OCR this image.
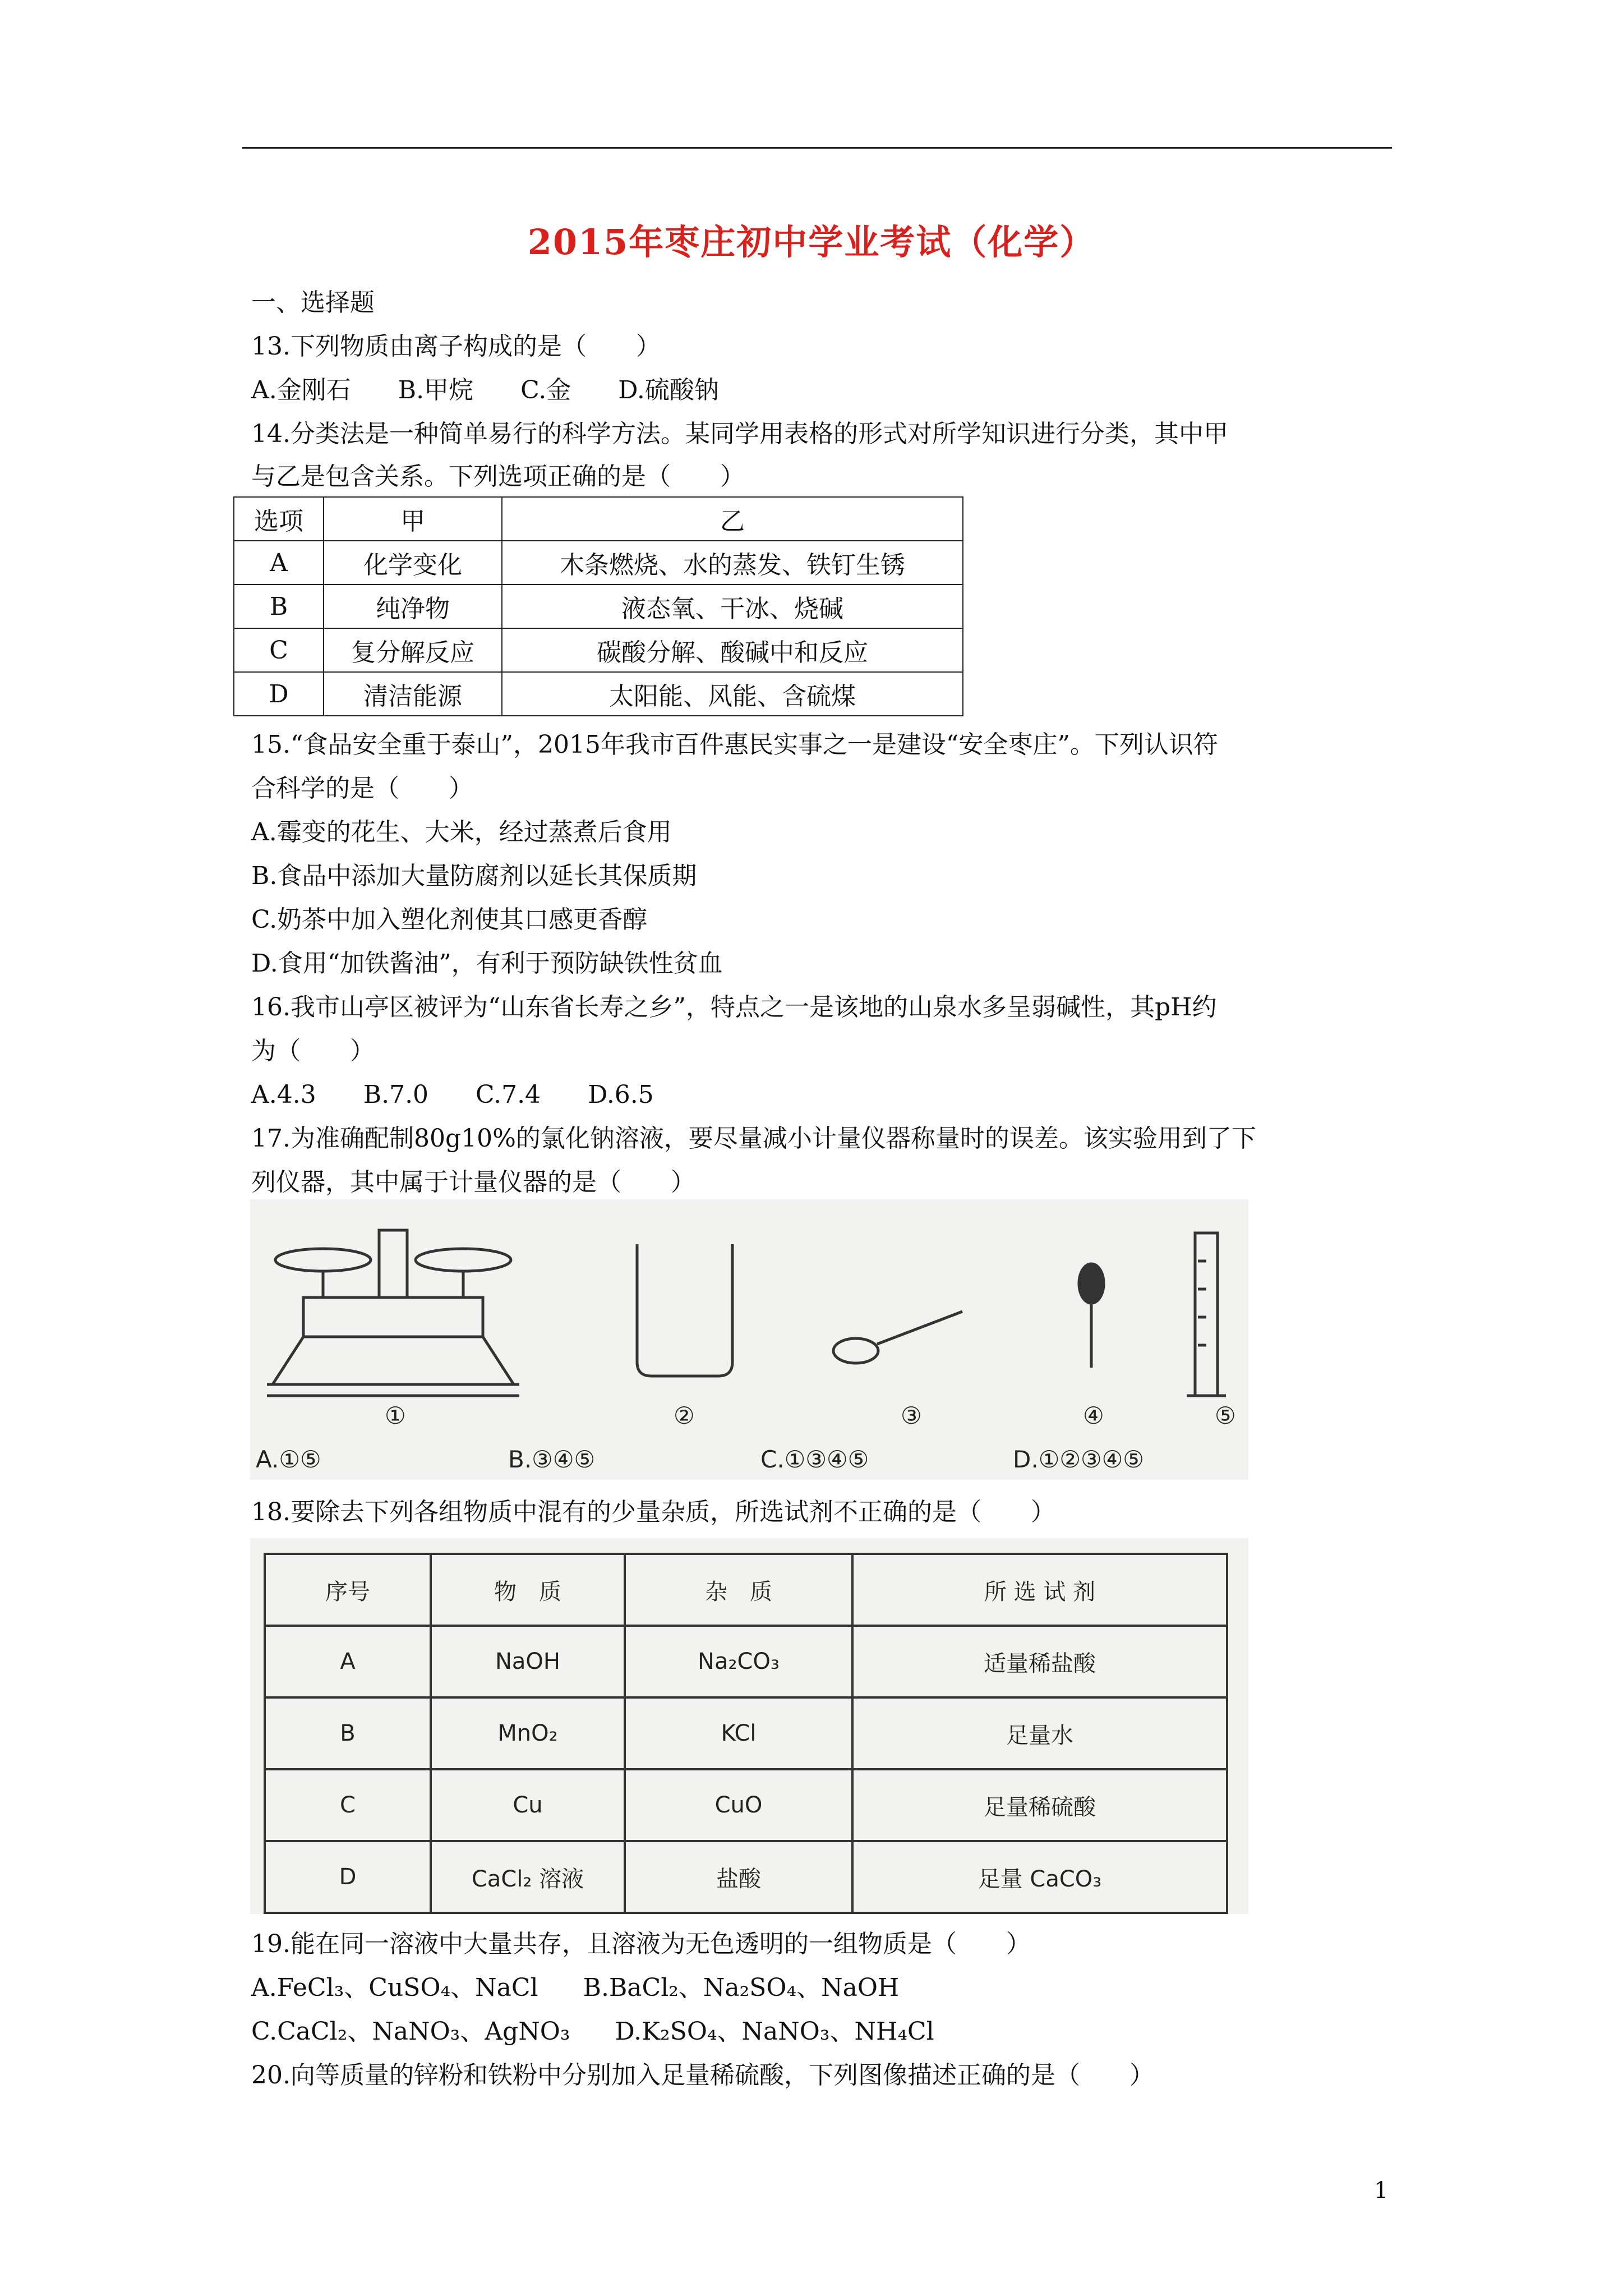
2015年枣庄初中学业考试（化学）
一、选择题
13.下列物质由离子构成的是（　　）
A.金刚石 B.甲烷 C.金 D.硫酸钠
14.分类法是一种简单易行的科学方法。某同学用表格的形式对所学知识进行分类，其中甲
与乙是包含关系。下列选项正确的是（　　）
选项	甲	乙
A	化学变化	木条燃烧、水的蒸发、铁钉生锈
B	纯净物	液态氧、干冰、烧碱
C	复分解反应	碳酸分解、酸碱中和反应
D	清洁能源	太阳能、风能、含硫煤
15.“食品安全重于泰山”，2015年我市百件惠民实事之一是建设“安全枣庄”。下列认识符
合科学的是（　　）
A.霉变的花生、大米，经过蒸煮后食用
B.食品中添加大量防腐剂以延长其保质期
C.奶茶中加入塑化剂使其口感更香醇
D.食用“加铁酱油”，有利于预防缺铁性贫血
16.我市山亭区被评为“山东省长寿之乡”，特点之一是该地的山泉水多呈弱碱性，其pH约
为（　　）
A.4.3 B.7.0 C.7.4 D.6.5
17.为准确配制80g10%的氯化钠溶液，要尽量减小计量仪器称量时的误差。该实验用到了下
列仪器，其中属于计量仪器的是（　　）
①	②	③	④	⑤
A.①⑤	B.③④⑤	C.①③④⑤	D.①②③④⑤
18.要除去下列各组物质中混有的少量杂质，所选试剂不正确的是（　　）
序号	物　质	杂　质	所 选 试 剂
A	NaOH	Na₂CO₃	适量稀盐酸
B	MnO₂	KCl	足量水
C	Cu	CuO	足量稀硫酸
D	CaCl₂ 溶液	盐酸	足量 CaCO₃
19.能在同一溶液中大量共存，且溶液为无色透明的一组物质是（　　）
A.FeCl₃、CuSO₄、NaCl B.BaCl₂、Na₂SO₄、NaOH
C.CaCl₂、NaNO₃、AgNO₃ D.K₂SO₄、NaNO₃、NH₄Cl
20.向等质量的锌粉和铁粉中分别加入足量稀硫酸，下列图像描述正确的是（　　）
1
